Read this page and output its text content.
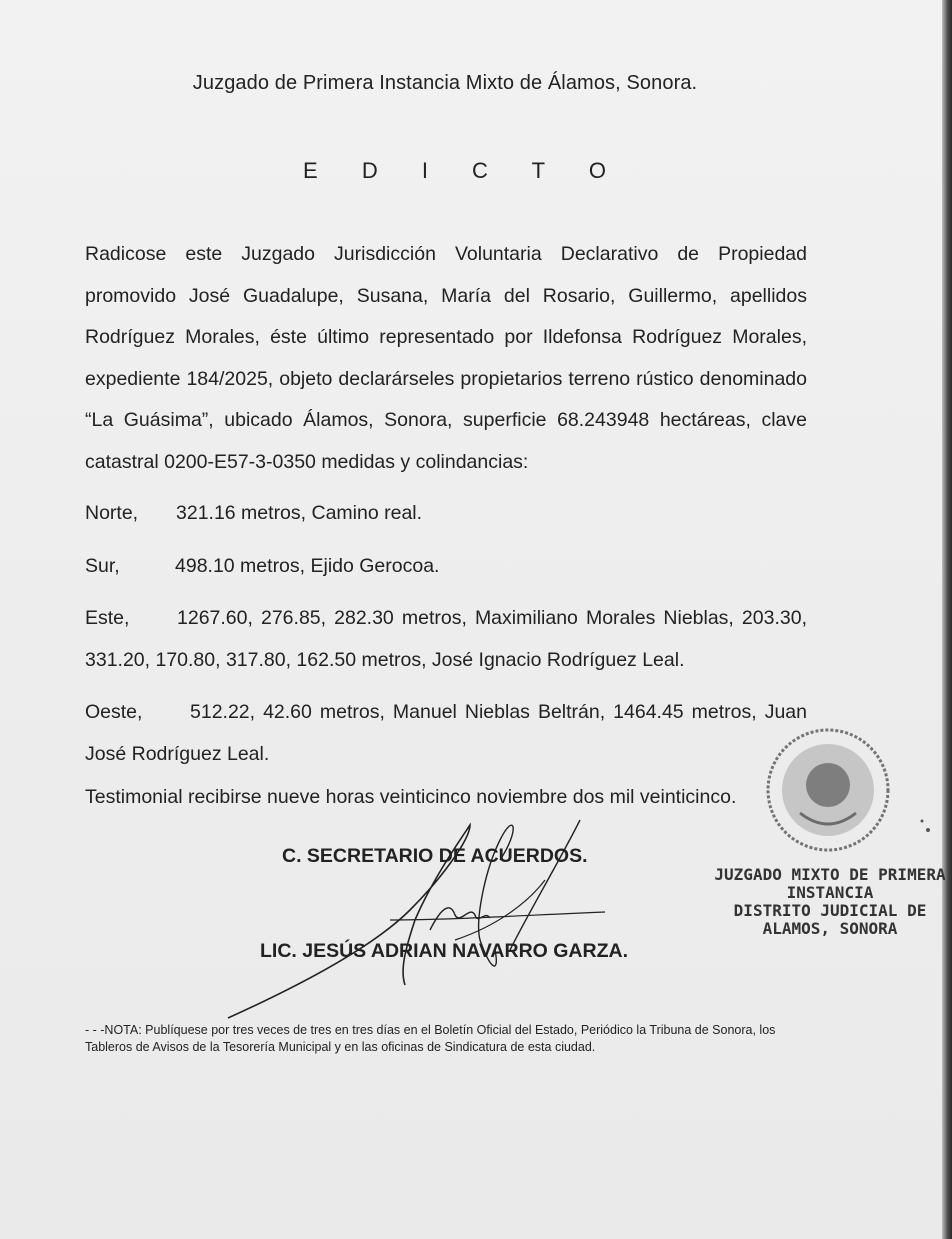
Juzgado de Primera Instancia Mixto de Álamos, Sonora.
E D I C T O
Radicose este Juzgado Jurisdicción Voluntaria Declarativo de Propiedad promovido José Guadalupe, Susana, María del Rosario, Guillermo, apellidos Rodríguez Morales, éste último representado por Ildefonsa Rodríguez Morales, expediente 184/2025, objeto declarárseles propietarios terreno rústico denominado “La Guásima”, ubicado Álamos, Sonora, superficie 68.243948 hectáreas, clave catastral 0200-E57-3-0350 medidas y colindancias:
Norte, 321.16 metros, Camino real.
Sur,	498.10 metros, Ejido Gerocoa.
Este, 1267.60, 276.85, 282.30 metros, Maximiliano Morales Nieblas, 203.30, 331.20, 170.80, 317.80, 162.50 metros, José Ignacio Rodríguez Leal.
Oeste, 512.22, 42.60 metros, Manuel Nieblas Beltrán, 1464.45 metros, Juan José Rodríguez Leal.
Testimonial recibirse nueve horas veinticinco noviembre dos mil veinticinco.
C. SECRETARIO DE ACUERDOS.
LIC. JESÚS ADRIAN NAVARRO GARZA.
JUZGADO MIXTO DE PRIMERA
INSTANCIA
DISTRITO JUDICIAL DE
ALAMOS, SONORA
- - -NOTA: Publíquese por tres veces de tres en tres días en el Boletín Oficial del Estado, Periódico la Tribuna de Sonora, los Tableros de Avisos de la Tesorería Municipal y en las oficinas de Sindicatura de esta ciudad.
